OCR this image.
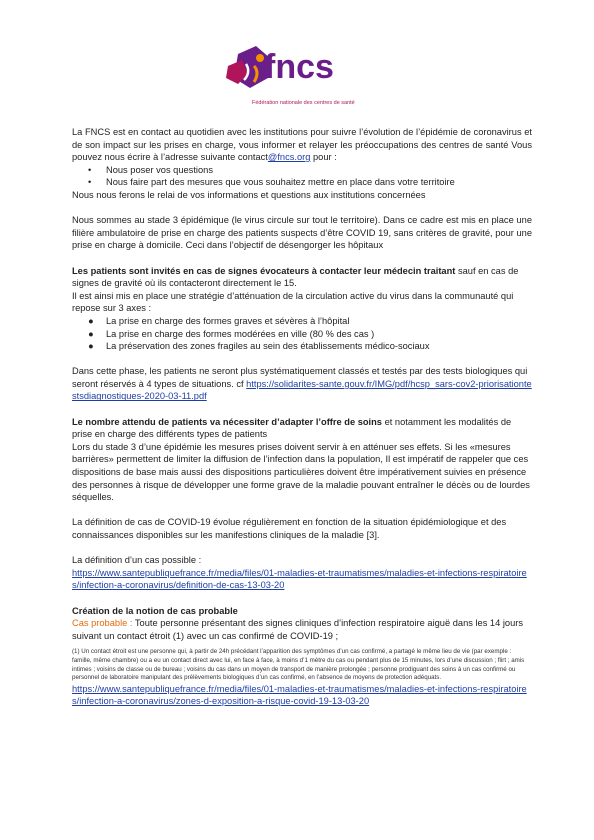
fncs
Fédération nationale des centres de santé

La FNCS est en contact au quotidien avec les institutions pour suivre l’évolution de l’épidémie de coronavirus et de son impact sur les prises en charge, vous informer et relayer les préoccupations des centres de santé Vous pouvez nous écrire à l’adresse suivante contact@fncs.org pour :

• Nous poser vos questions
• Nous faire part des mesures que vous souhaitez mettre en place dans votre territoire

Nous nous ferons le relai de vos informations et questions aux institutions concernées

Nous sommes au stade 3 épidémique (le virus circule sur tout le territoire). Dans ce cadre est mis en place une filière ambulatoire de prise en charge des patients suspects d’être COVID 19, sans critères de gravité, pour une prise en charge à domicile. Ceci dans l’objectif de désengorger les hôpitaux

Les patients sont invités en cas de signes évocateurs à contacter leur médecin traitant sauf en cas de signes de gravité où ils contacteront directement le 15.

Il est ainsi mis en place une stratégie d’atténuation de la circulation active du virus dans la communauté qui repose sur 3 axes :

● La prise en charge des formes graves et sévères à l’hôpital
● La prise en charge des formes modérées en ville (80 % des cas )
● La préservation des zones fragiles au sein des établissements médico-sociaux

Dans cette phase, les patients ne seront plus systématiquement classés et testés par des tests biologiques qui seront réservés à 4 types de situations. cf https://solidarites-sante.gouv.fr/IMG/pdf/hcsp_sars-cov2-priorisationtestsdiagnostiques-2020-03-11.pdf

Le nombre attendu de patients va nécessiter d’adapter l’offre de soins et notamment les modalités de prise en charge des différents types de patients

Lors du stade 3 d’une épidémie les mesures prises doivent servir à en atténuer ses effets. Si les «mesures barrières» permettent de limiter la diffusion de l’infection dans la population, Il est impératif de rappeler que ces dispositions de base mais aussi des dispositions particulières doivent être impérativement suivies en présence des personnes à risque de développer une forme grave de la maladie pouvant entraîner le décès ou de lourdes séquelles.

La définition de cas de COVID-19 évolue régulièrement en fonction de la situation épidémiologique et des connaissances disponibles sur les manifestions cliniques de la maladie [3].

La définition d’un cas possible :

https://www.santepubliquefrance.fr/media/files/01-maladies-et-traumatismes/maladies-et-infections-respiratoires/infection-a-coronavirus/definition-de-cas-13-03-20

Création de la notion de cas probable

Cas probable : Toute personne présentant des signes cliniques d’infection respiratoire aiguë dans les 14 jours suivant un contact étroit (1) avec un cas confirmé de COVID-19 ;

(1) Un contact étroit est une personne qui, à partir de 24h précédant l’apparition des symptômes d’un cas confirmé, a partagé le même lieu de vie (par exemple : famille, même chambre) ou a eu un contact direct avec lui, en face à face, à moins d’1 mètre du cas ou pendant plus de 15 minutes, lors d’une discussion ; flirt ; amis intimes ; voisins de classe ou de bureau ; voisins du cas dans un moyen de transport de manière prolongée ; personne prodiguant des soins à un cas confirmé ou personnel de laboratoire manipulant des prélèvements biologiques d’un cas confirmé, en l’absence de moyens de protection adéquats.

https://www.santepubliquefrance.fr/media/files/01-maladies-et-traumatismes/maladies-et-infections-respiratoires/infection-a-coronavirus/zones-d-exposition-a-risque-covid-19-13-03-20
